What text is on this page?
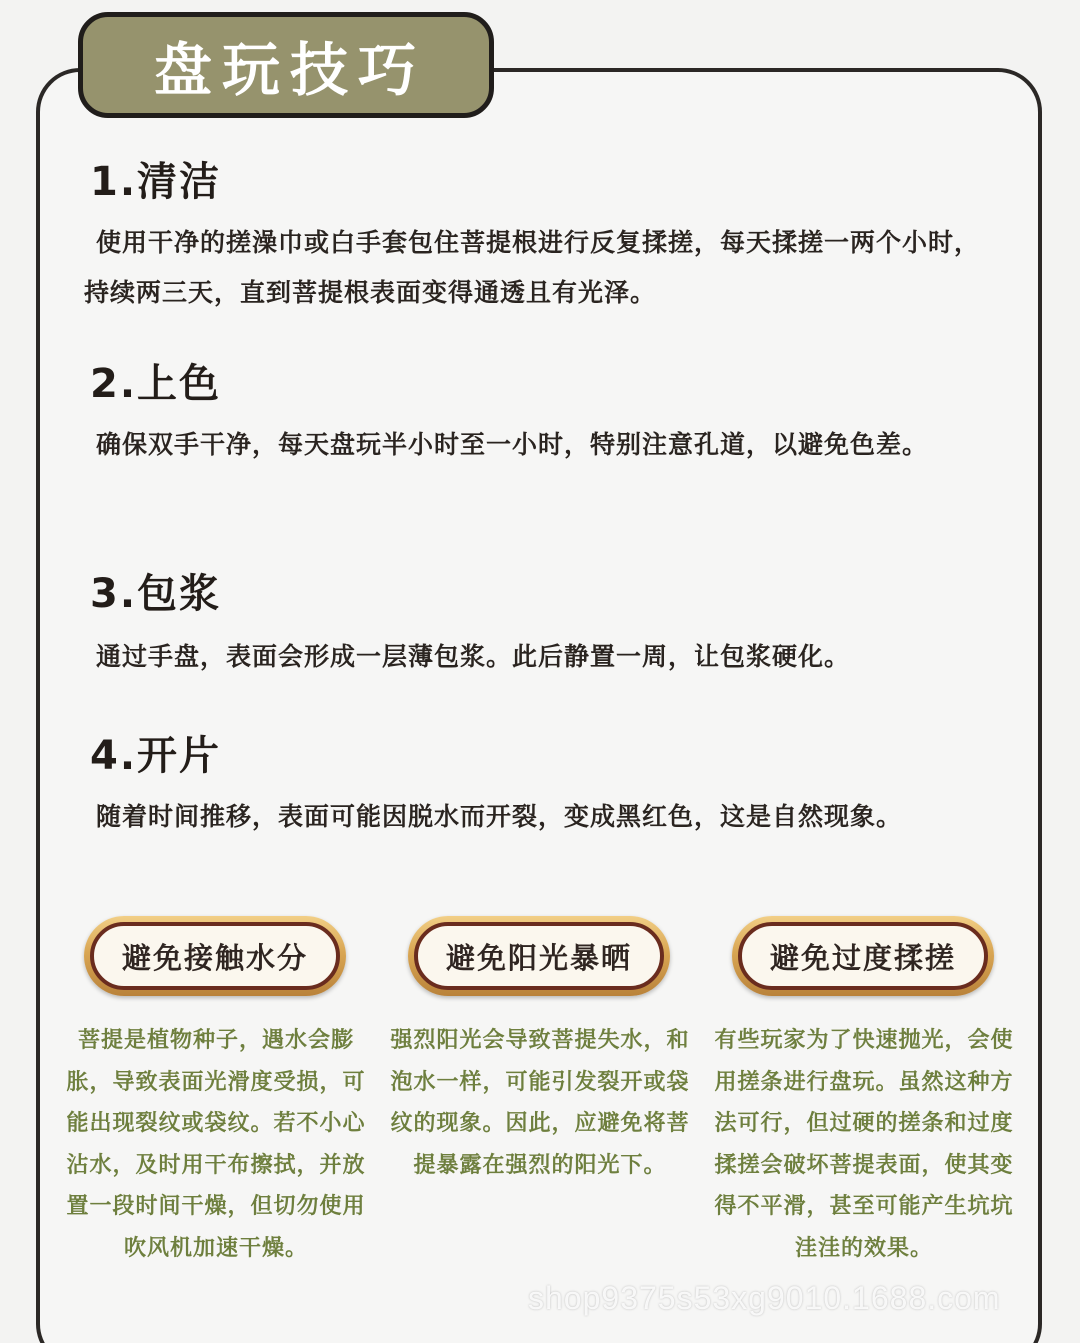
盘玩技巧
1.清洁
使用干净的搓澡巾或白手套包住菩提根进行反复揉搓，每天揉搓一两个小时，持续两三天，直到菩提根表面变得通透且有光泽。
2.上色
确保双手干净，每天盘玩半小时至一小时，特别注意孔道，以避免色差。
3.包浆
通过手盘，表面会形成一层薄包浆。此后静置一周，让包浆硬化。
4.开片
随着时间推移，表面可能因脱水而开裂，变成黑红色，这是自然现象。
避免接触水分	避免阳光暴晒	避免过度揉搓
菩提是植物种子，遇水会膨胀，导致表面光滑度受损，可能出现裂纹或袋纹。若不小心沾水，及时用干布擦拭，并放置一段时间干燥，但切勿使用吹风机加速干燥。
强烈阳光会导致菩提失水，和泡水一样，可能引发裂开或袋纹的现象。因此，应避免将菩提暴露在强烈的阳光下。
有些玩家为了快速抛光，会使用搓条进行盘玩。虽然这种方法可行，但过硬的搓条和过度揉搓会破坏菩提表面，使其变得不平滑，甚至可能产生坑坑洼洼的效果。
shop9375s53xg9010.1688.com
